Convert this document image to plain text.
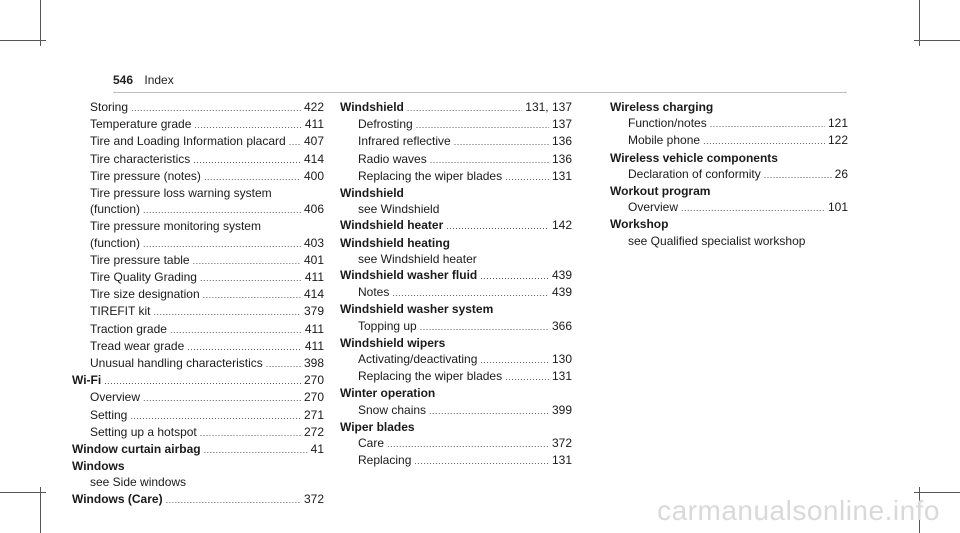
546 Index
Storing .....	422
Temperature grade .....	411
Tire and Loading Information placard ..... 407
Tire characteristics .....	414
Tire pressure (notes) .....	400
Tire pressure loss warning system
(function) .....	406
Tire pressure monitoring system
(function) .....	403
Tire pressure table .....	401
Tire Quality Grading .....	411
Tire size designation .....	414
TIREFIT kit .....	379
Traction grade .....	411
Tread wear grade .....	411
Unusual handling characteristics .....	398
Wi-Fi .....	270
Overview .....	270
Setting .....	271
Setting up a hotspot .....	272
Window curtain airbag .....	41
Windows
see Side windows
Windows (Care) .....	372
Windshield .....	131, 137
Defrosting .....	137
Infrared reflective .....	136
Radio waves .....	136
Replacing the wiper blades .....	131
Windshield
see Windshield
Windshield heater .....	142
Windshield heating
see Windshield heater
Windshield washer fluid .....	439
Notes .....	439
Windshield washer system
Topping up .....	366
Windshield wipers
Activating/deactivating .....	130
Replacing the wiper blades .....	131
Winter operation
Snow chains .....	399
Wiper blades
Care .....	372
Replacing .....	131
Wireless charging
Function/notes .....	121
Mobile phone .....	122
Wireless vehicle components
Declaration of conformity .....	26
Workout program
Overview .....	101
Workshop
see Qualified specialist workshop
carmanualsonline.info
